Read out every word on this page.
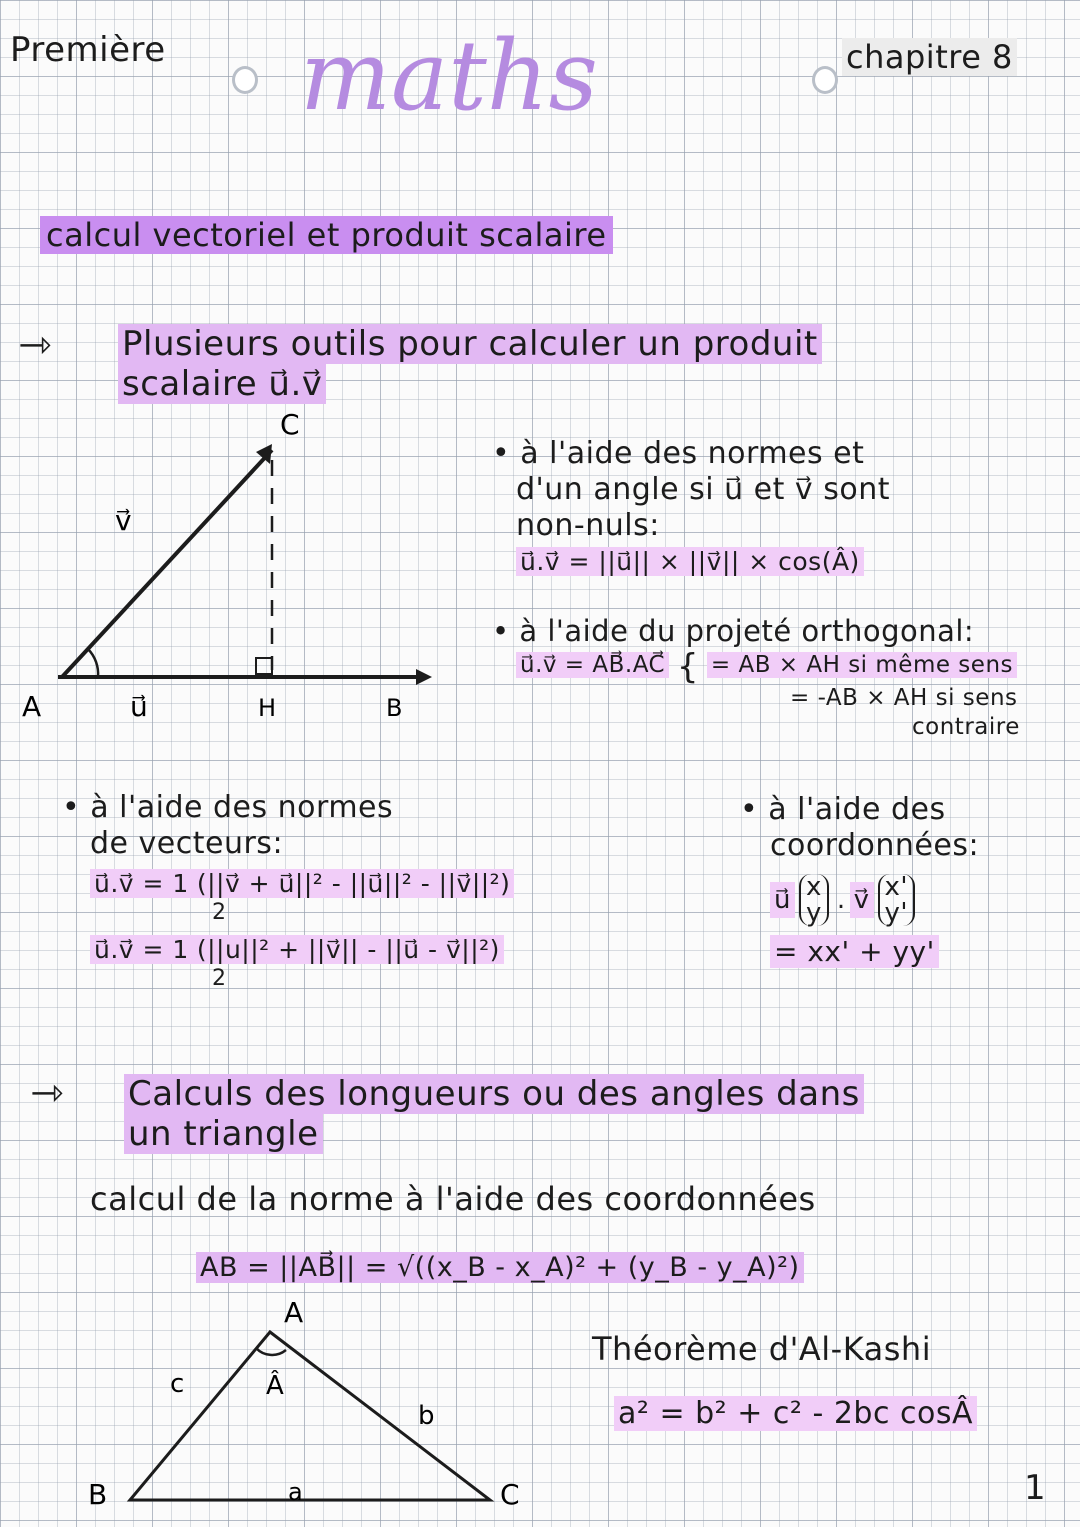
Première maths	chapitre 8
calcul vectoriel et produit scalaire
⇾ Plusieurs outils pour calculer un produit
scalaire u⃗.v⃗
A
C
H	B
u⃗
v⃗
• à l'aide des normes et
d'un angle si u⃗ et v⃗ sont
non-nuls:
u⃗.v⃗ = ||u⃗|| × ||v⃗|| × cos(Â)
• à l'aide du projeté orthogonal:
u⃗.v⃗ = AB⃗.AC⃗ { = AB × AH si même sens
= -AB × AH si sens
contraire
• à l'aide des normes
de vecteurs:
u⃗.v⃗ = 1 (||v⃗ + u⃗||² - ||u⃗||² - ||v⃗||²)
2
u⃗.v⃗ = 1 (||u||² + ||v⃗|| - ||u⃗ - v⃗||²)
2
• à l'aide des
coordonnées:
u⃗ x
y . v⃗ x'
y'
= xx' + yy'
⇾ Calculs des longueurs ou des angles dans
un triangle
calcul de la norme à l'aide des coordonnées
AB = ||AB⃗|| = √((x_B - x_A)² + (y_B - y_A)²)
A
B	C
a
b
c	Â
Théorème d'Al-Kashi
a² = b² + c² - 2bc cosÂ
1
